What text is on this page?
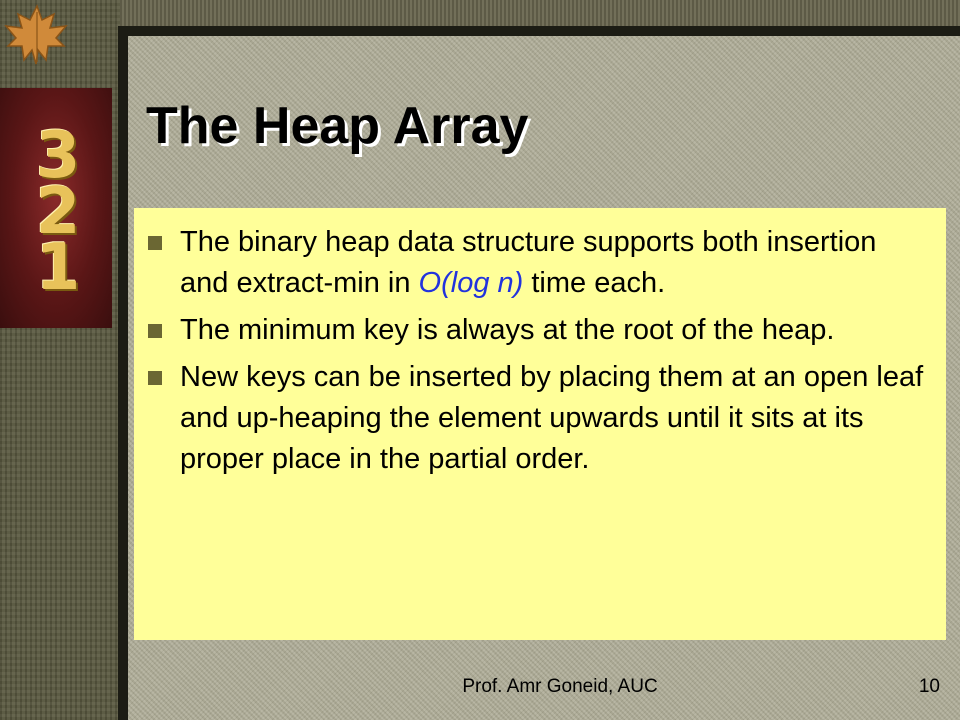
3
2
1
The Heap Array
The binary heap data structure supports both insertion and extract-min in O(log n) time each.
The minimum key is always at the root of the heap.
New keys can be inserted by placing them at an open leaf and up-heaping the element upwards until it sits at its proper place in the partial order.
Prof. Amr Goneid, AUC	10
